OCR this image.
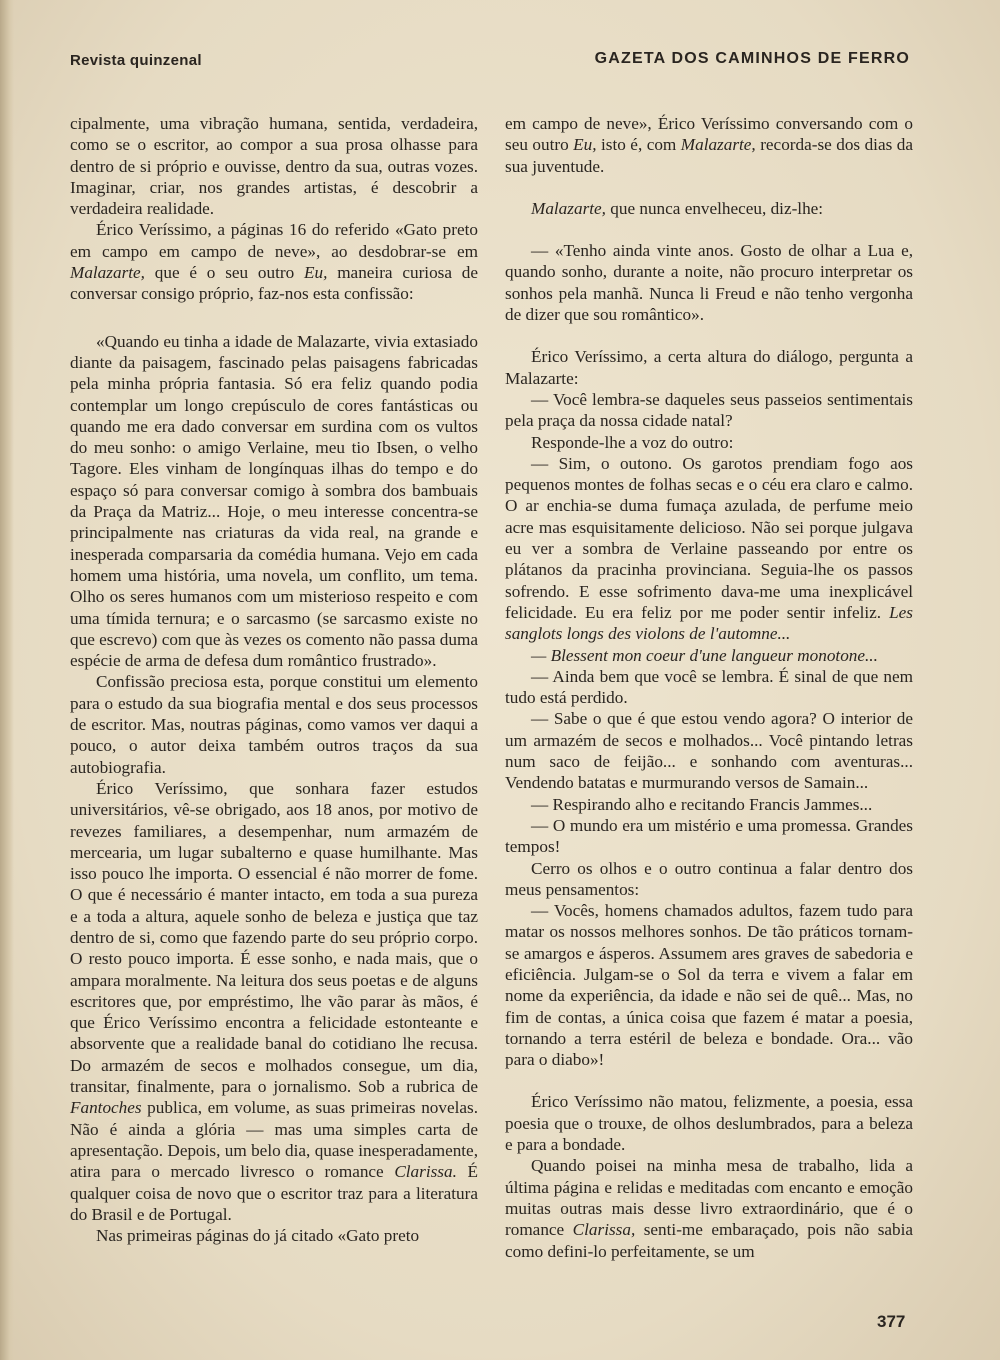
Revista quinzenal	GAZETA DOS CAMINHOS DE FERRO

cipalmente, uma vibração humana, sentida, verdadeira, como se o escritor, ao compor a sua prosa olhasse para dentro de si próprio e ouvisse, dentro da sua, outras vozes. Imaginar, criar, nos grandes artistas, é descobrir a verdadeira realidade.

Érico Veríssimo, a páginas 16 do referido «Gato preto em campo em campo de neve», ao desdobrar-se em Malazarte, que é o seu outro Eu, maneira curiosa de conversar consigo próprio, faz-nos esta confissão:

«Quando eu tinha a idade de Malazarte, vivia extasiado diante da paisagem, fascinado pelas paisagens fabricadas pela minha própria fantasia. Só era feliz quando podia contemplar um longo crepúsculo de cores fantásticas ou quando me era dado conversar em surdina com os vultos do meu sonho: o amigo Verlaine, meu tio Ibsen, o velho Tagore. Eles vinham de longínquas ilhas do tempo e do espaço só para conversar comigo à sombra dos bambuais da Praça da Matriz... Hoje, o meu interesse concentra-se principalmente nas criaturas da vida real, na grande e inesperada comparsaria da comédia humana. Vejo em cada homem uma história, uma novela, um conflito, um tema. Olho os seres humanos com um misterioso respeito e com uma tímida ternura; e o sarcasmo (se sarcasmo existe no que escrevo) com que às vezes os comento não passa duma espécie de arma de defesa dum romântico frustrado».

Confissão preciosa esta, porque constitui um elemento para o estudo da sua biografia mental e dos seus processos de escritor. Mas, noutras páginas, como vamos ver daqui a pouco, o autor deixa também outros traços da sua autobiografia.

Érico Veríssimo, que sonhara fazer estudos universitários, vê-se obrigado, aos 18 anos, por motivo de revezes familiares, a desempenhar, num armazém de mercearia, um lugar subalterno e quase humilhante. Mas isso pouco lhe importa. O essencial é não morrer de fome. O que é necessário é manter intacto, em toda a sua pureza e a toda a altura, aquele sonho de beleza e justiça que taz dentro de si, como que fazendo parte do seu próprio corpo. O resto pouco importa. É esse sonho, e nada mais, que o ampara moralmente. Na leitura dos seus poetas e de alguns escritores que, por empréstimo, lhe vão parar às mãos, é que Érico Veríssimo encontra a felicidade estonteante e absorvente que a realidade banal do cotidiano lhe recusa. Do armazém de secos e molhados consegue, um dia, transitar, finalmente, para o jornalismo. Sob a rubrica de Fantoches publica, em volume, as suas primeiras novelas. Não é ainda a glória — mas uma simples carta de apresentação. Depois, um belo dia, quase inesperadamente, atira para o mercado livresco o romance Clarissa. É qualquer coisa de novo que o escritor traz para a literatura do Brasil e de Portugal.

Nas primeiras páginas do já citado «Gato preto

em campo de neve», Érico Veríssimo conversando com o seu outro Eu, isto é, com Malazarte, recorda-se dos dias da sua juventude.

Malazarte, que nunca envelheceu, diz-lhe:

— «Tenho ainda vinte anos. Gosto de olhar a Lua e, quando sonho, durante a noite, não procuro interpretar os sonhos pela manhã. Nunca li Freud e não tenho vergonha de dizer que sou romântico».

Érico Veríssimo, a certa altura do diálogo, pergunta a Malazarte:

— Você lembra-se daqueles seus passeios sentimentais pela praça da nossa cidade natal?

Responde-lhe a voz do outro:

— Sim, o outono. Os garotos prendiam fogo aos pequenos montes de folhas secas e o céu era claro e calmo. O ar enchia-se duma fumaça azulada, de perfume meio acre mas esquisitamente delicioso. Não sei porque julgava eu ver a sombra de Verlaine passeando por entre os plátanos da pracinha provinciana. Seguia-lhe os passos sofrendo. E esse sofrimento dava-me uma inexplicável felicidade. Eu era feliz por me poder sentir infeliz. Les sanglots longs des violons de l'automne...

— Blessent mon coeur d'une langueur monotone...

— Ainda bem que você se lembra. É sinal de que nem tudo está perdido.

— Sabe o que é que estou vendo agora? O interior de um armazém de secos e molhados... Você pintando letras num saco de feijão... e sonhando com aventuras... Vendendo batatas e murmurando versos de Samain...

— Respirando alho e recitando Francis Jammes...

— O mundo era um mistério e uma promessa. Grandes tempos!

Cerro os olhos e o outro continua a falar dentro dos meus pensamentos:

— Vocês, homens chamados adultos, fazem tudo para matar os nossos melhores sonhos. De tão práticos tornam-se amargos e ásperos. Assumem ares graves de sabedoria e eficiência. Julgam-se o Sol da terra e vivem a falar em nome da experiência, da idade e não sei de quê... Mas, no fim de contas, a única coisa que fazem é matar a poesia, tornando a terra estéril de beleza e bondade. Ora... vão para o diabo»!

Érico Veríssimo não matou, felizmente, a poesia, essa poesia que o trouxe, de olhos deslumbrados, para a beleza e para a bondade.

Quando poisei na minha mesa de trabalho, lida a última página e relidas e meditadas com encanto e emoção muitas outras mais desse livro extraordinário, que é o romance Clarissa, senti-me embaraçado, pois não sabia como defini-lo perfeitamente, se um

377
